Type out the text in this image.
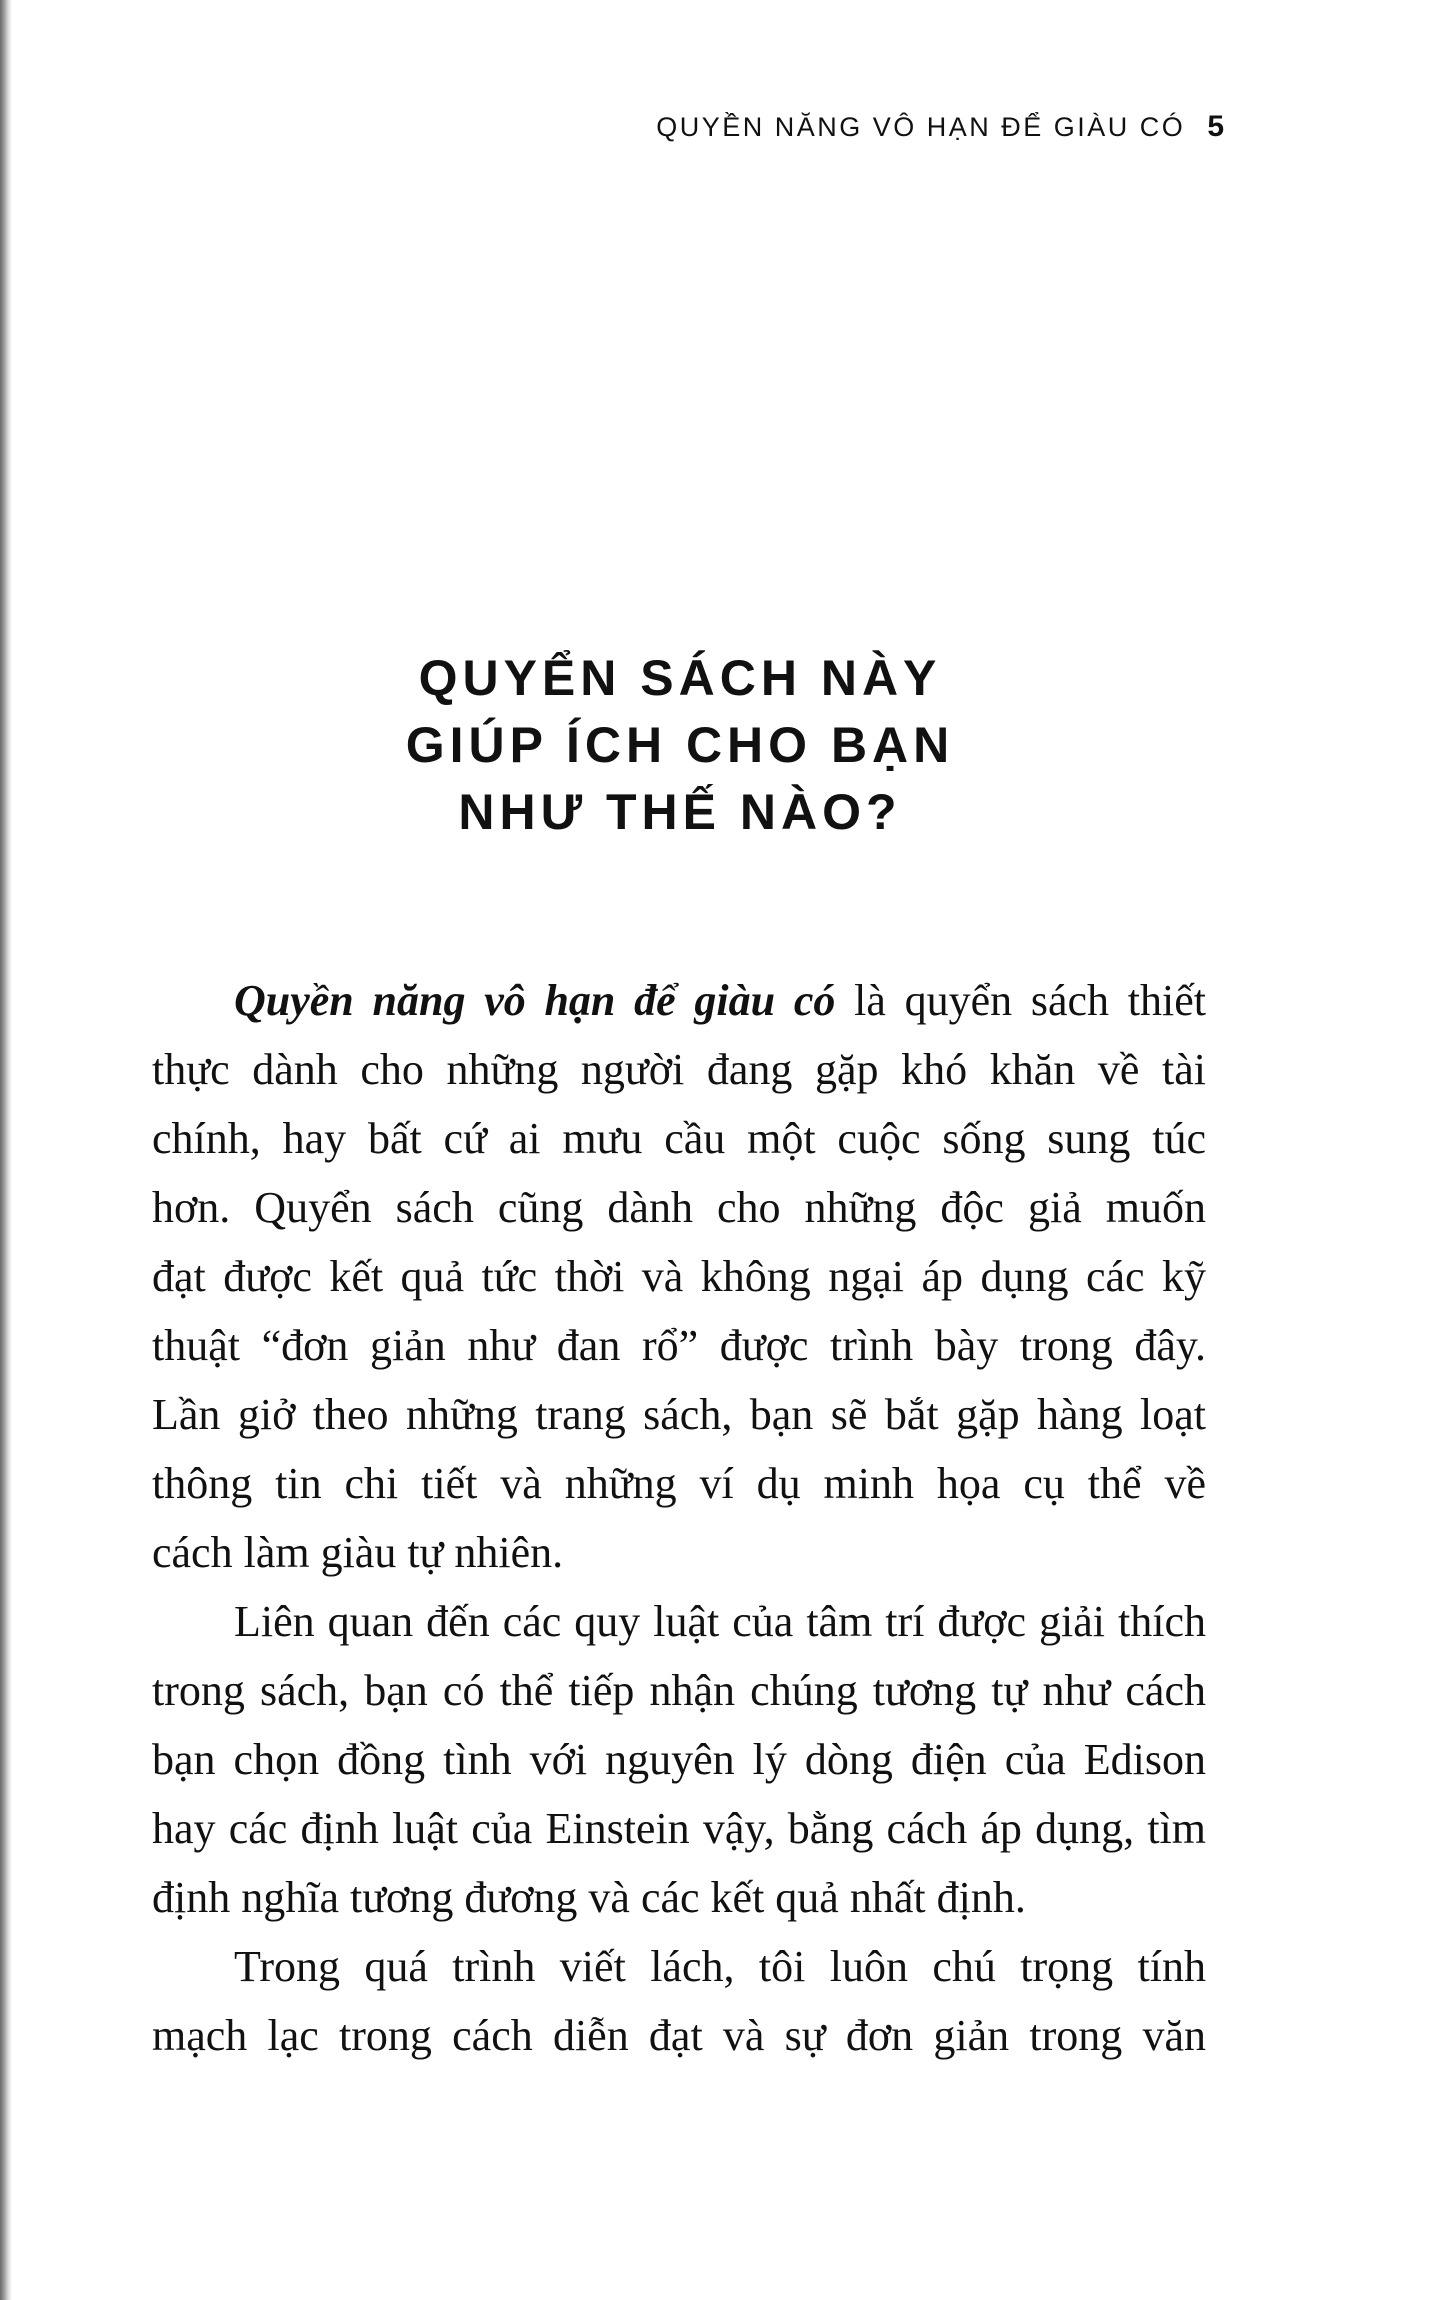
QUYỀN NĂNG VÔ HẠN ĐỂ GIÀU CÓ 5
QUYỂN SÁCH NÀY
GIÚP ÍCH CHO BẠN
NHƯ THẾ NÀO?
Quyền năng vô hạn để giàu có là quyển sách thiết
thực dành cho những người đang gặp khó khăn về tài
chính, hay bất cứ ai mưu cầu một cuộc sống sung túc
hơn. Quyển sách cũng dành cho những độc giả muốn
đạt được kết quả tức thời và không ngại áp dụng các kỹ
thuật “đơn giản như đan rổ” được trình bày trong đây.
Lần giở theo những trang sách, bạn sẽ bắt gặp hàng loạt
thông tin chi tiết và những ví dụ minh họa cụ thể về
cách làm giàu tự nhiên.
Liên quan đến các quy luật của tâm trí được giải thích
trong sách, bạn có thể tiếp nhận chúng tương tự như cách
bạn chọn đồng tình với nguyên lý dòng điện của Edison
hay các định luật của Einstein vậy, bằng cách áp dụng, tìm
định nghĩa tương đương và các kết quả nhất định.
Trong quá trình viết lách, tôi luôn chú trọng tính
mạch lạc trong cách diễn đạt và sự đơn giản trong văn
